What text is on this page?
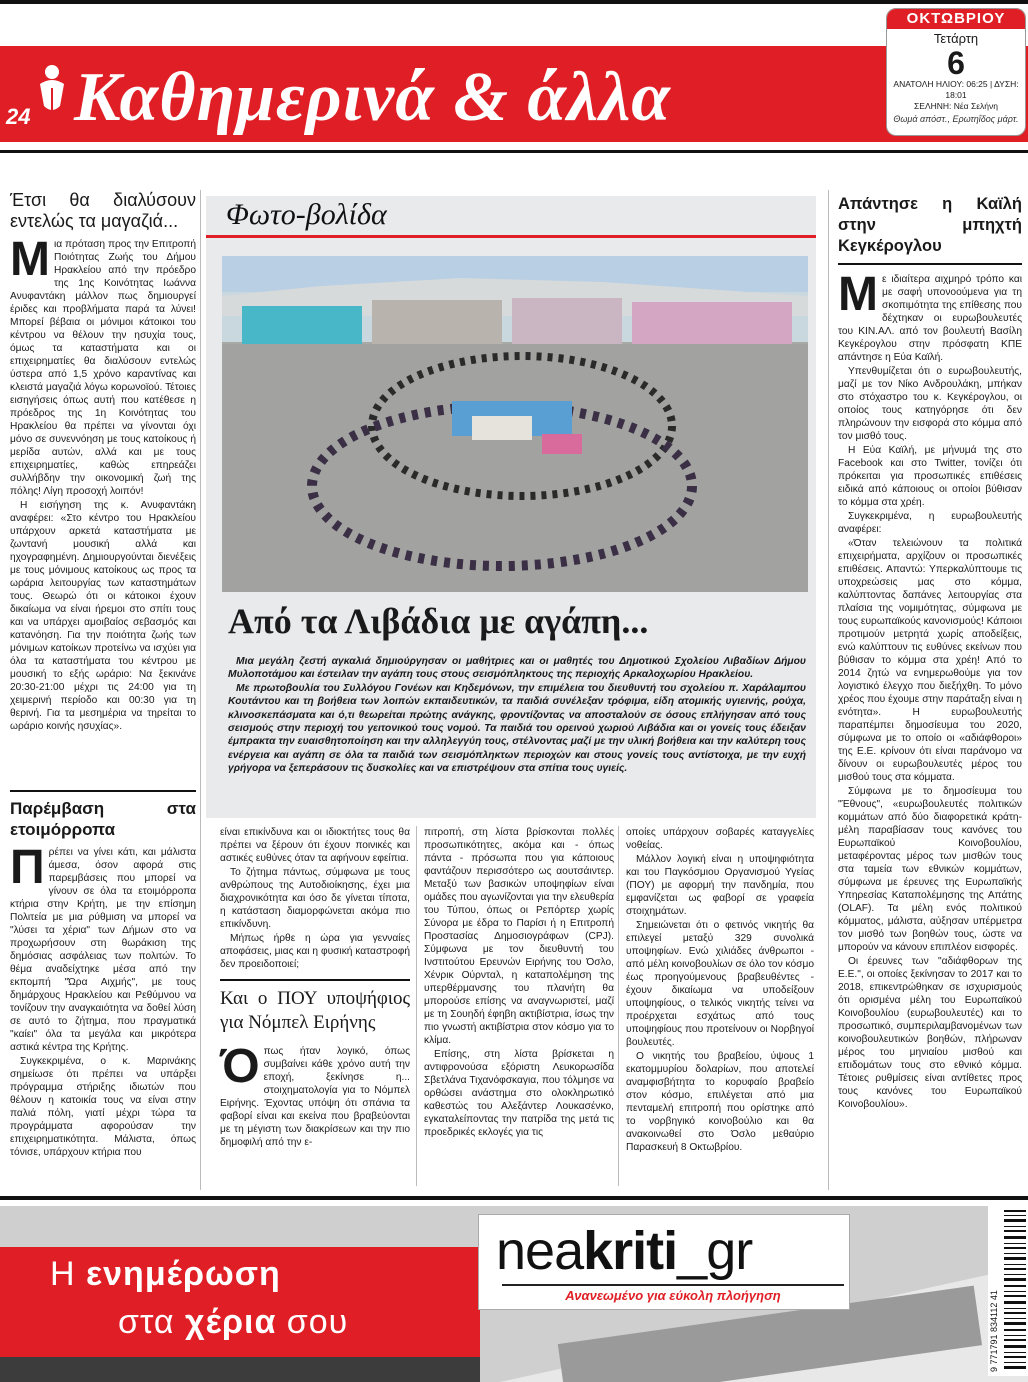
24 Καθημερινά & άλλα
ΟΚΤΩΒΡΙΟΥ
Τετάρτη
6
ΑΝΑΤΟΛΗ ΗΛΙΟΥ: 06:25 | ΔΥΣΗ: 18:01
ΣΕΛΗΝΗ: Νέα Σελήνη
Θωμά απόστ., Ερωτηΐδος μάρτ.
Έτσι θα διαλύσουν εντελώς τα μαγαζιά...

Μια πρόταση προς την Επιτροπή Ποιότητας Ζωής του Δήμου Ηρακλείου από την πρόεδρο της 1ης Κοινότητας Ιωάννα Ανυφαντάκη μάλλον πως δημιουργεί έριδες και προβλήματα παρά τα λύνει! Μπορεί βέβαια οι μόνιμοι κάτοικοι του κέντρου να θέλουν την ησυχία τους, όμως τα καταστήματα και οι επιχειρηματίες θα διαλύσουν εντελώς ύστερα από 1,5 χρόνο καραντίνας και κλειστά μαγαζιά λόγω κορωνοϊού. Τέτοιες εισηγήσεις όπως αυτή που κατέθεσε η πρόεδρος της 1η Κοινότητας του Ηρακλείου θα πρέπει να γίνονται όχι μόνο σε συνεννόηση με τους κατοίκους ή μερίδα αυτών, αλλά και με τους επιχειρηματίες, καθώς επηρεάζει συλλήβδην την οικονομική ζωή της πόλης! Λίγη προσοχή λοιπόν!

Η εισήγηση της κ. Ανυφαντάκη αναφέρει: «Στο κέντρο του Ηρακλείου υπάρχουν αρκετά καταστήματα με ζωντανή μουσική αλλά και ηχογραφημένη. Δημιουργούνται διενέξεις με τους μόνιμους κατοίκους ως προς τα ωράρια λειτουργίας των καταστημάτων τους. Θεωρώ ότι οι κάτοικοι έχουν δικαίωμα να είναι ήρεμοι στο σπίτι τους και να υπάρχει αμοιβαίος σεβασμός και κατανόηση. Για την ποιότητα ζωής των μόνιμων κατοίκων προτείνω να ισχύει για όλα τα καταστήματα του κέντρου με μουσική το εξής ωράριο: Να ξεκινάνε 20:30-21:00 μέχρι τις 24:00 για τη χειμερινή περίοδο και 00:30 για τη θερινή. Για τα μεσημέρια να τηρείται το ωράριο κοινής ησυχίας».

Παρέμβαση στα ετοιμόρροπα

Πρέπει να γίνει κάτι, και μάλιστα άμεσα, όσον αφορά στις παρεμβάσεις που μπορεί να γίνουν σε όλα τα ετοιμόρροπα κτήρια στην Κρήτη, με την επίσημη Πολιτεία με μια ρύθμιση να μπορεί να "λύσει τα χέρια" των Δήμων στο να προχωρήσουν στη θωράκιση της δημόσιας ασφάλειας των πολιτών. Το θέμα αναδείχτηκε μέσα από την εκπομπή "Ώρα Αιχμής", με τους δημάρχους Ηρακλείου και Ρεθύμνου να τονίζουν την αναγκαιότητα να δοθεί λύση σε αυτό το ζήτημα, που πραγματικά "καίει" όλα τα μεγάλα και μικρότερα αστικά κέντρα της Κρήτης.

Συγκεκριμένα, ο κ. Μαρινάκης σημείωσε ότι πρέπει να υπάρξει πρόγραμμα στήριξης ιδιωτών που θέλουν η κατοικία τους να είναι στην παλιά πόλη, γιατί μέχρι τώρα τα προγράμματα αφορούσαν την επιχειρηματικότητα. Μάλιστα, όπως τόνισε, υπάρχουν κτήρια που

Φωτο-βολίδα
Από τα Λιβάδια με αγάπη...

Μια μεγάλη ζεστή αγκαλιά δημιούργησαν οι μαθήτριες και οι μαθητές του Δημοτικού Σχολείου Λιβαδίων Δήμου Μυλοποτάμου και έστειλαν την αγάπη τους στους σεισμόπληκτους της περιοχής Αρκαλοχωρίου Ηρακλείου.

Με πρωτοβουλία του Συλλόγου Γονέων και Κηδεμόνων, την επιμέλεια του διευθυντή του σχολείου π. Χαράλαμπου Κουτάντου και τη βοήθεια των λοιπών εκπαιδευτικών, τα παιδιά συνέλεξαν τρόφιμα, είδη ατομικής υγιεινής, ρούχα, κλινοσκεπάσματα και ό,τι θεωρείται πρώτης ανάγκης, φροντίζοντας να αποσταλούν σε όσους επλήγησαν από τους σεισμούς στην περιοχή του γειτονικού τους νομού. Τα παιδιά του ορεινού χωριού Λιβάδια και οι γονείς τους έδειξαν έμπρακτα την ευαισθητοποίηση και την αλληλεγγύη τους, στέλνοντας μαζί με την υλική βοήθεια και την καλύτερη τους ενέργεια και αγάπη σε όλα τα παιδιά των σεισμόπληκτων περιοχών και στους γονείς τους αντίστοιχα, με την ευχή γρήγορα να ξεπεράσουν τις δυσκολίες και να επιστρέψουν στα σπίτια τους υγιείς.

είναι επικίνδυνα και οι ιδιοκτήτες τους θα πρέπει να ξέρουν ότι έχουν ποινικές και αστικές ευθύνες όταν τα αφήνουν εφείπια.

Το ζήτημα πάντως, σύμφωνα με τους ανθρώπους της Αυτοδιοίκησης, έχει μια διαχρονικότητα και όσο δε γίνεται τίποτα, η κατάσταση διαμορφώνεται ακόμα πιο επικίνδυνη.

Μήπως ήρθε η ώρα για γενναίες αποφάσεις, μιας και η φυσική καταστροφή δεν προειδοποιεί;

Και ο ΠΟΥ υποψήφιος για Νόμπελ Ειρήνης

Όπως ήταν λογικό, όπως συμβαίνει κάθε χρόνο αυτή την εποχή, ξεκίνησε η... στοιχηματολογία για το Νόμπελ Ειρήνης. Έχοντας υπόψη ότι σπάνια τα φαβορί είναι και εκείνα που βραβεύονται με τη μέγιστη των διακρίσεων και την πιο δημοφιλή από την ε-

πιτροπή, στη λίστα βρίσκονται πολλές προσωπικότητες, ακόμα και - όπως πάντα - πρόσωπα που για κάποιους φαντάζουν περισσότερο ως αουτσάιντερ. Μεταξύ των βασικών υποψηφίων είναι ομάδες που αγωνίζονται για την ελευθερία του Τύπου, όπως οι Ρεπόρτερ χωρίς Σύνορα με έδρα το Παρίσι ή η Επιτροπή Προστασίας Δημοσιογράφων (CPJ). Σύμφωνα με τον διευθυντή του Ινστιτούτου Ερευνών Ειρήνης του Όσλο, Χένρικ Ούρνταλ, η καταπολέμηση της υπερθέρμανσης του πλανήτη θα μπορούσε επίσης να αναγνωριστεί, μαζί με τη Σουηδή έφηβη ακτιβίστρια, ίσως την πιο γνωστή ακτιβίστρια στον κόσμο για το κλίμα.

Επίσης, στη λίστα βρίσκεται η αντιφρονούσα εξόριστη Λευκορωσίδα Σβετλάνα Τιχανόφσκαγια, που τόλμησε να ορθώσει ανάστημα στο ολοκληρωτικό καθεστώς του Αλεξάντερ Λουκασένκο, εγκαταλείποντας την πατρίδα της μετά τις προεδρικές εκλογές για τις

οποίες υπάρχουν σοβαρές καταγγελίες νοθείας.

Μάλλον λογική είναι η υποψηφιότητα και του Παγκόσμιου Οργανισμού Υγείας (ΠΟΥ) με αφορμή την πανδημία, που εμφανίζεται ως φαβορί σε γραφεία στοιχημάτων.

Σημειώνεται ότι ο φετινός νικητής θα επιλεγεί μεταξύ 329 συνολικά υποψηφίων. Ενώ χιλιάδες άνθρωποι - από μέλη κοινοβουλίων σε όλο τον κόσμο έως προηγούμενους βραβευθέντες - έχουν δικαίωμα να υποδείξουν υποψηφίους, ο τελικός νικητής τείνει να προέρχεται εσχάτως από τους υποψηφίους που προτείνουν οι Νορβηγοί βουλευτές.

Ο νικητής του βραβείου, ύψους 1 εκατομμυρίου δολαρίων, που αποτελεί αναμφισβήτητα το κορυφαίο βραβείο στον κόσμο, επιλέγεται από μια πενταμελή επιτροπή που ορίστηκε από το νορβηγικό κοινοβούλιο και θα ανακοινωθεί στο Όσλο μεθαύριο Παρασκευή 8 Οκτωβρίου.

Απάντησε η Καϊλή στην μπηχτή Κεγκέρογλου

Με ιδιαίτερα αιχμηρό τρόπο και με σαφή υπονοούμενα για τη σκοπιμότητα της επίθεσης που δέχτηκαν οι ευρωβουλευτές του ΚΙΝ.ΑΛ. από τον βουλευτή Βασίλη Κεγκέρογλου στην πρόσφατη ΚΠΕ απάντησε η Εύα Καϊλή.

Υπενθυμίζεται ότι ο ευρωβουλευτής, μαζί με τον Νίκο Ανδρουλάκη, μπήκαν στο στόχαστρο του κ. Κεγκέρογλου, οι οποίος τους κατηγόρησε ότι δεν πληρώνουν την εισφορά στο κόμμα από τον μισθό τους.

Η Εύα Καϊλή, με μήνυμά της στο Facebook και στο Twitter, τονίζει ότι πρόκειται για προσωπικές επιθέσεις ειδικά από κάποιους οι οποίοι βύθισαν το κόμμα στα χρέη.

Συγκεκριμένα, η ευρωβουλευτής αναφέρει:

«Όταν τελειώνουν τα πολιτικά επιχειρήματα, αρχίζουν οι προσωπικές επιθέσεις. Απαντώ: Υπερκαλύπτουμε τις υποχρεώσεις μας στο κόμμα, καλύπτοντας δαπάνες λειτουργίας στα πλαίσια της νομιμότητας, σύμφωνα με τους ευρωπαϊκούς κανονισμούς! Κάποιοι προτιμούν μετρητά χωρίς αποδείξεις, ενώ καλύπτουν τις ευθύνες εκείνων που βύθισαν το κόμμα στα χρέη! Από το 2014 ζητώ να ενημερωθούμε για τον λογιστικό έλεγχο που διεξήχθη. Το μόνο χρέος που έχουμε στην παράταξη είναι η ενότητα». Η ευρωβουλευτής παραπέμπει δημοσίευμα του 2020, σύμφωνα με το οποίο οι «αδιάφθοροι» της Ε.Ε. κρίνουν ότι είναι παράνομο να δίνουν οι ευρωβουλευτές μέρος του μισθού τους στα κόμματα.

Σύμφωνα με το δημοσίευμα του "Έθνους", «ευρωβουλευτές πολιτικών κομμάτων από δύο διαφορετικά κράτη-μέλη παραβίασαν τους κανόνες του Ευρωπαϊκού Κοινοβουλίου, μεταφέροντας μέρος των μισθών τους στα ταμεία των εθνικών κομμάτων, σύμφωνα με έρευνες της Ευρωπαϊκής Υπηρεσίας Καταπολέμησης της Απάτης (OLAF). Τα μέλη ενός πολιτικού κόμματος, μάλιστα, αύξησαν υπέρμετρα τον μισθό των βοηθών τους, ώστε να μπορούν να κάνουν επιπλέον εισφορές.

Οι έρευνες των "αδιάφθορων της Ε.Ε.", οι οποίες ξεκίνησαν το 2017 και το 2018, επικεντρώθηκαν σε ισχυρισμούς ότι ορισμένα μέλη του Ευρωπαϊκού Κοινοβουλίου (ευρωβουλευτές) και το προσωπικό, συμπεριλαμβανομένων των κοινοβουλευτικών βοηθών, πλήρωναν μέρος του μηνιαίου μισθού και επιδομάτων τους στο εθνικό κόμμα. Τέτοιες ρυθμίσεις είναι αντίθετες προς τους κανόνες του Ευρωπαϊκού Κοινοβουλίου».

Η ενημέρωση
στα χέρια σου
neakriti_gr
Ανανεωμένο για εύκολη πλοήγηση	9 771791 834112 41
